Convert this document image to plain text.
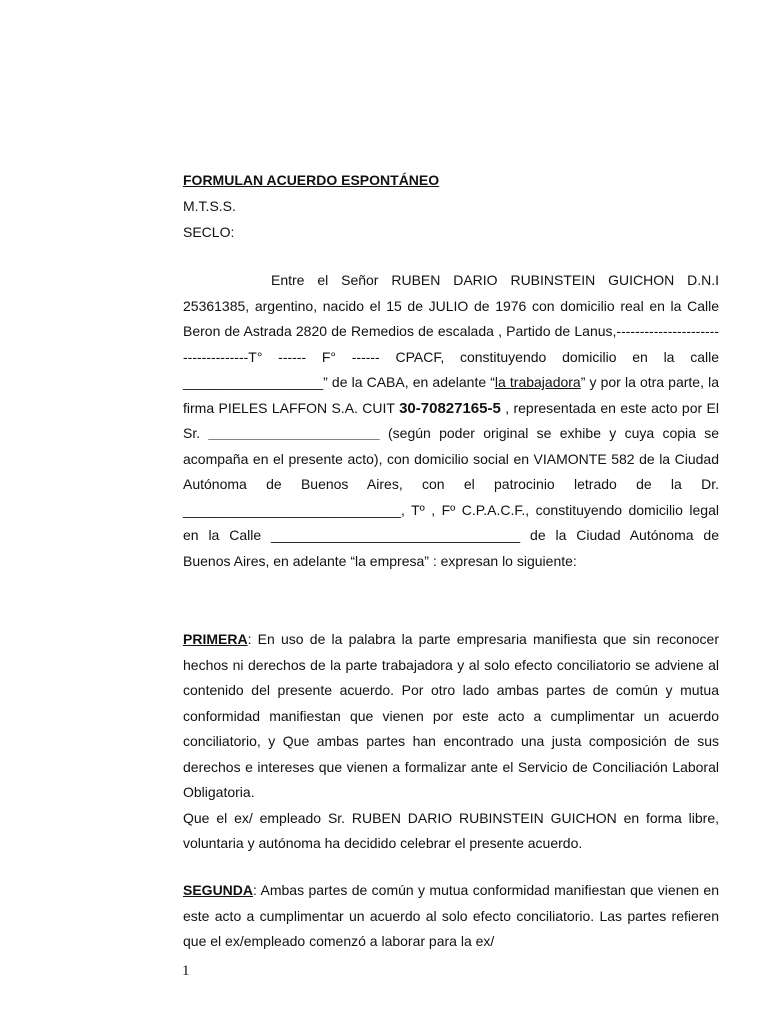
FORMULAN ACUERDO ESPONTÁNEO
M.T.S.S.
SECLO:

Entre el Señor RUBEN DARIO RUBINSTEIN GUICHON D.N.I 25361385, argentino, nacido el 15 de JULIO de 1976 con domicilio real en la Calle Beron de Astrada 2820 de Remedios de escalada , Partido de Lanus,------------------------------------T° ------ F° ------ CPACF, constituyendo domicilio en la calle __________________” de la CABA, en adelante “la trabajadora” y por la otra parte, la firma PIELES LAFFON S.A. CUIT 30-70827165-5 , representada en este acto por El Sr. ______________________ (según poder original se exhibe y cuya copia se acompaña en el presente acto), con domicilio social en VIAMONTE 582 de la Ciudad Autónoma de Buenos Aires, con el patrocinio letrado de la Dr. ____________________________, Tº , Fº C.P.A.C.F., constituyendo domicilio legal en la Calle ________________________________ de la Ciudad Autónoma de Buenos Aires, en adelante “la empresa” : expresan lo siguiente:

PRIMERA: En uso de la palabra la parte empresaria manifiesta que sin reconocer hechos ni derechos de la parte trabajadora y al solo efecto conciliatorio se adviene al contenido del presente acuerdo. Por otro lado ambas partes de común y mutua conformidad manifiestan que vienen por este acto a cumplimentar un acuerdo conciliatorio, y Que ambas partes han encontrado una justa composición de sus derechos e intereses que vienen a formalizar ante el Servicio de Conciliación Laboral Obligatoria.

Que el ex/ empleado Sr. RUBEN DARIO RUBINSTEIN GUICHON en forma libre, voluntaria y autónoma ha decidido celebrar el presente acuerdo.

SEGUNDA: Ambas partes de común y mutua conformidad manifiestan que vienen en este acto a cumplimentar un acuerdo al solo efecto conciliatorio. Las partes refieren que el ex/empleado comenzó a laborar para la ex/

1
